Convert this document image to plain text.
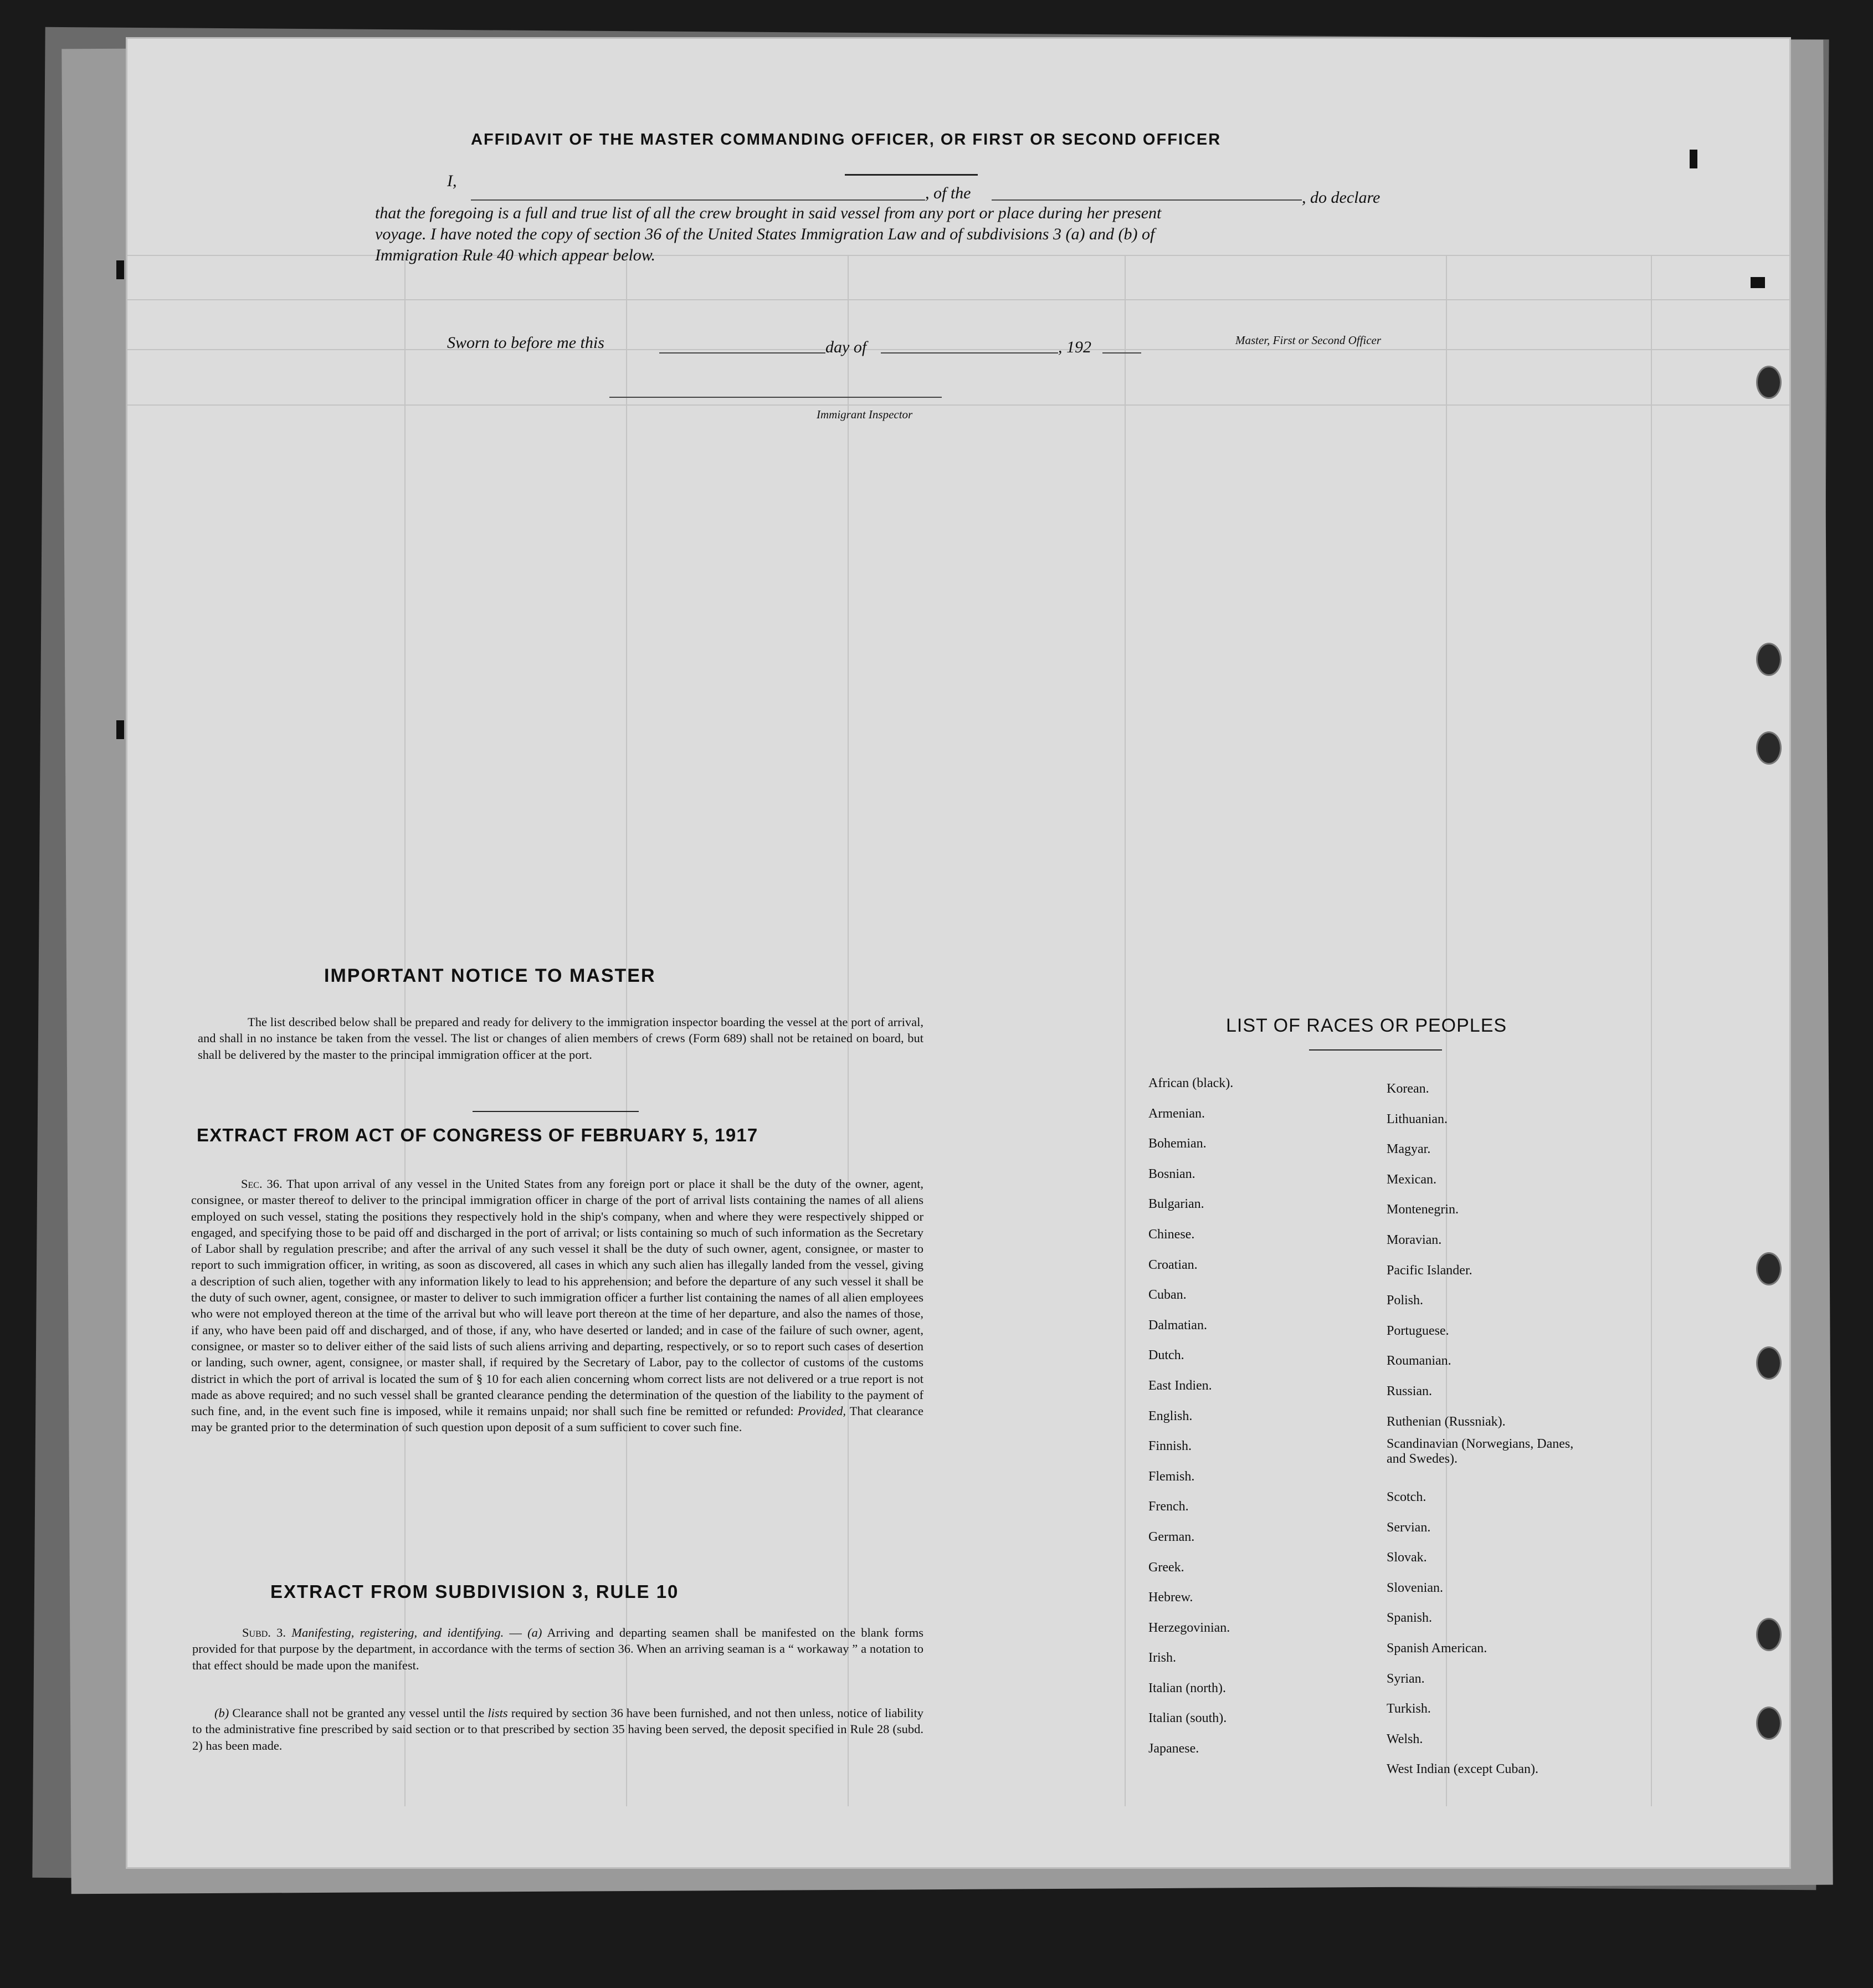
AFFIDAVIT OF THE MASTER COMMANDING OFFICER, OR FIRST OR SECOND OFFICER
I,
, of the	, do declare
that the foregoing is a full and true list of all the crew brought in said vessel from any port or place during her present
voyage. I have noted the copy of section 36 of the United States Immigration Law and of subdivisions 3 (a) and (b) of
Immigration Rule 40 which appear below.
Sworn to before me this	day of	, 192	Master, First or Second Officer
Immigrant Inspector
IMPORTANT NOTICE TO MASTER
The list described below shall be prepared and ready for delivery to the immigration inspector boarding the vessel at the port of arrival, and shall in no instance be taken from the vessel. The list or changes of alien members of crews (Form 689) shall not be retained on board, but shall be delivered by the master to the principal immigration officer at the port.
EXTRACT FROM ACT OF CONGRESS OF FEBRUARY 5, 1917
Sec. 36. That upon arrival of any vessel in the United States from any foreign port or place it shall be the duty of the owner, agent, consignee, or master thereof to deliver to the principal immigration officer in charge of the port of arrival lists containing the names of all aliens employed on such vessel, stating the positions they respectively hold in the ship's company, when and where they were respectively shipped or engaged, and specifying those to be paid off and discharged in the port of arrival; or lists containing so much of such information as the Secretary of Labor shall by regulation prescribe; and after the arrival of any such vessel it shall be the duty of such owner, agent, consignee, or master to report to such immigration officer, in writing, as soon as discovered, all cases in which any such alien has illegally landed from the vessel, giving a description of such alien, together with any information likely to lead to his apprehension; and before the departure of any such vessel it shall be the duty of such owner, agent, consignee, or master to deliver to such immigration officer a further list containing the names of all alien employees who were not employed thereon at the time of the arrival but who will leave port thereon at the time of her departure, and also the names of those, if any, who have been paid off and discharged, and of those, if any, who have deserted or landed; and in case of the failure of such owner, agent, consignee, or master so to deliver either of the said lists of such aliens arriving and departing, respectively, or so to report such cases of desertion or landing, such owner, agent, consignee, or master shall, if required by the Secretary of Labor, pay to the collector of customs of the customs district in which the port of arrival is located the sum of § 10 for each alien concerning whom correct lists are not delivered or a true report is not made as above required; and no such vessel shall be granted clearance pending the determination of the question of the liability to the payment of such fine, and, in the event such fine is imposed, while it remains unpaid; nor shall such fine be remitted or refunded: Provided, That clearance may be granted prior to the determination of such question upon deposit of a sum sufficient to cover such fine.
EXTRACT FROM SUBDIVISION 3, RULE 10
Subd. 3. Manifesting, registering, and identifying. — (a) Arriving and departing seamen shall be manifested on the blank forms provided for that purpose by the department, in accordance with the terms of section 36. When an arriving seaman is a “ workaway ” a notation to that effect should be made upon the manifest.
(b) Clearance shall not be granted any vessel until the lists required by section 36 have been furnished, and not then unless, notice of liability to the administrative fine prescribed by said section or to that prescribed by section 35 having been served, the deposit specified in Rule 28 (subd. 2) has been made.
LIST OF RACES OR PEOPLES
African (black).
Armenian.
Bohemian.
Bosnian.
Bulgarian.
Chinese.
Croatian.
Cuban.
Dalmatian.
Dutch.
East Indien.
English.
Finnish.
Flemish.
French.
German.
Greek.
Hebrew.
Herzegovinian.
Irish.
Italian (north).
Italian (south).
Japanese.
Korean.
Lithuanian.
Magyar.
Mexican.
Montenegrin.
Moravian.
Pacific Islander.
Polish.
Portuguese.
Roumanian.
Russian.
Ruthenian (Russniak).
Scandinavian (Norwegians, Danes, and Swedes).
Scotch.
Servian.
Slovak.
Slovenian.
Spanish.
Spanish American.
Syrian.
Turkish.
Welsh.
West Indian (except Cuban).
